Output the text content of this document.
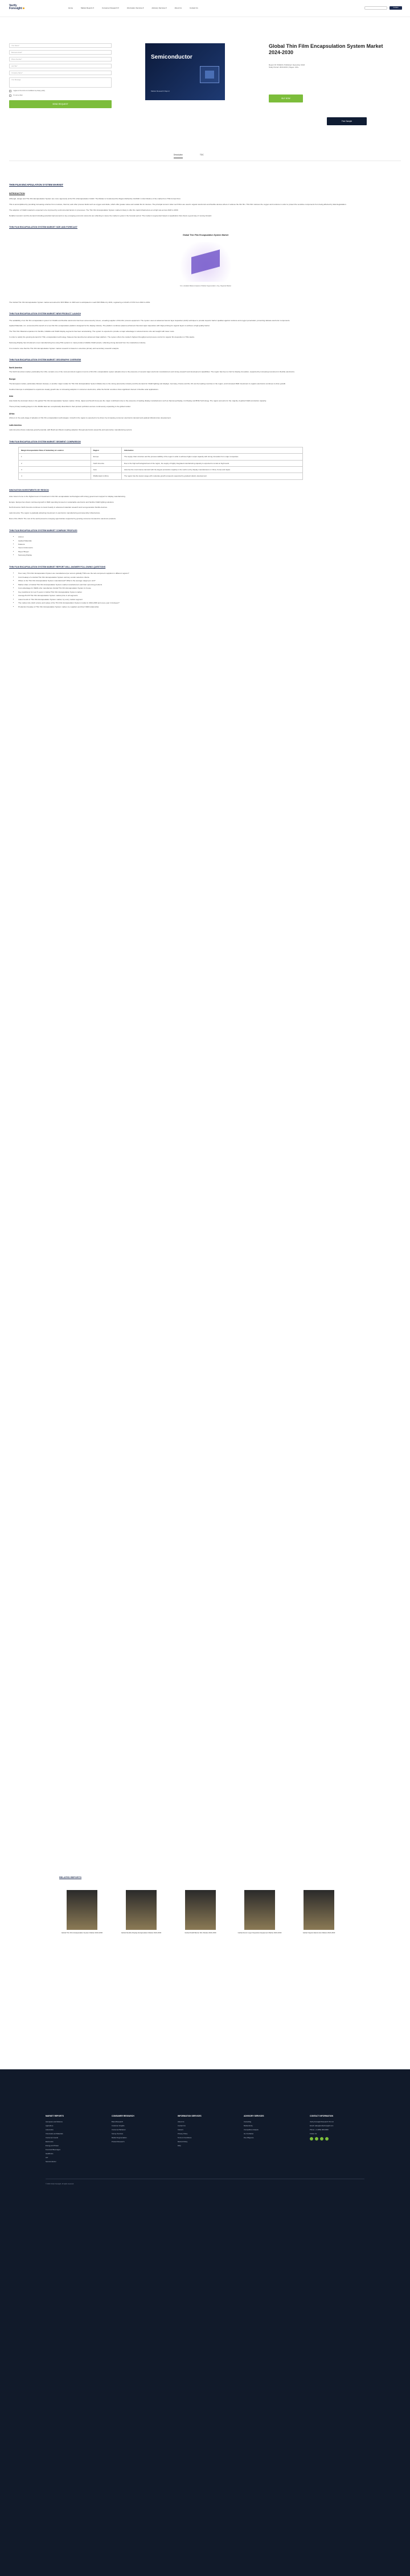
Verify
Foresight	Home	Market Reports ▾	Consumer Research ▾	Information Services ▾	Advisory Services ▾	About Us	Contact Us	Contact
Your Name*
Business Email*
Phone Number*
Job Title*
Company Name*
Your Message
I agree to the terms & conditions & privacy policy
I'm not a robot
SEND REQUEST
Semiconductor
Market Research Report
Global Thin Film Encapsulation System Market 2024-2030
Report ID: 530420 | Published: December 2024
Study Period: 2019-2031 | Pages: 210+
BUY NOW
Free Sample
Description	TOC
THIN FILM ENCAPSULATION SYSTEM MARKET
INTRODUCTION
Although, design and Thin Film Encapsulation System are more vigorously at the 5% of Encapsulation CAGR. The Market is Condensed the Region Reflective 41/2018. A short lifetime of the market from TFE formed from.
This is accomplished by providing increasing a barrier from moisture, thermal, and other process fields such as oxygen and diode, which offer greater value and sustain life for devices. The principal concern when such films are used in organic electronics and flexible devices where it reduces the thin film. This Film reduces the oxygen and moisture in order to protect the sensitive components from being affected by fatal degradation.
The adoption of OLED material is expected to be improved by environmental factors in processes. The Thin Film Encapsulation System market is likely to offer the rapid infrastructure at a high rate across 2023 to 2030.
Notable investors' and the demand including potential improvements to key emerging economic elements are reflecting to cause the market to grow in the forecast period. The market is segmented based on application that shows a good way of moving forward.
THIN FILM ENCAPSULATION SYSTEM MARKET SIZE AND FORECAST
Global Thin Film Encapsulation System Market
For a detailed Market Analysis of Market Segmentation | Key, Regional Market
The Global Thin Film Encapsulation System market accounted for $XX Billion in 2023 and is anticipated to reach $XX Billion by 2031, registering a CAGR of XX% from 2024 to 2031.
THIN FILM ENCAPSULATION SYSTEM MARKET NEW PRODUCT LAUNCH
The availability of an thin film encapsulation system for OLEDs and flexible electronics has been announced by Veeco, a leading supplier of thin-film process equipment. The system uses an advanced atomic layer deposition (ALD) technique to provide superior barrier qualities against moisture and oxygen penetration, protecting delicate electronic components.
Applied Materials, Inc. announced the launch of a new thin film encapsulation platform designed for the display industry. The platform combines plasma-enhanced chemical vapor deposition with inkjet printing for organic layers to achieve a high-quality barrier.
The Thin Film Material expansion for flexible, foldable and OLED display segments has been accelerating. The system is expected to provide a major advantage in reduced device size and weight with lower costs.
In order to satisfy the growing demand for TFE, encapsulation technology, Kateeva has launched an advanced inkjet platform. The system offers the market’s highest throughput and process control for organic film deposition in TFE stacks.
Samsung Display has introduced a new manufacturing line using TFE systems to mass-produce foldable OLED panels, reflecting strong demand from the smartphone industry.
It is crucial to note that the Thin Film Encapsulation System market research is based on extensive primary and secondary research analysis.
THIN FILM ENCAPSULATION SYSTEM MARKET GEOGRAPHY OVERVIEW
North America
The North American market, particularly the USA, remains one of the most prominent regions in terms of thin film encapsulation system adoption due to the presence of several major electronic manufacturers and strong research and development capabilities. The region has been a hub for display innovation, supported by increasing investment in flexible electronics.
Europe
The European market, particularly Western Europe, is another major market for Thin Film Encapsulation System Market due to the strong automotive industry and the demand for OLED lighting and displays. Germany, France and the UK are the leading countries in the region, and increased R&D investment in organic electronics continues to drive growth.
Southern Europe is anticipated to experience steady growth due to increasing adoption in consumer electronics, while the Nordic countries show significant interest in flexible solar applications.
Asia
Asia holds the dominant share in the global Thin Film Encapsulation System market. China, Japan and South Korea are the major contributors due to the presence of leading display manufacturers such as Samsung Display, LG Display and BOE Technology. The region accounts for the majority of global OLED production capacity.
These primary leading players in the Middle East are exceptionally diversified in their product portfolios and are continuously expanding in the global market.
Africa
Africa is in the early stage of adoption of thin film encapsulation technologies. Growth in the region is expected to be driven by increasing consumer electronics demand and gradual infrastructure development.
Latin America
Latin America shows moderate growth potential, with Brazil and Mexico leading adoption through electronics assembly and automotive manufacturing sectors.
THIN FILM ENCAPSULATION SYSTEM MARKET SEGMENT COMPARISON
Margin Encapsulation Rate of Subsidiary & Location	Region	Information
1	Europe	The supply chain structure and the process stability of the region is able to achieve higher output capacity with strong innovation from major companies.
2	North America	Due to the high technological level of the region, the supply of highly integrated manufacturing capacity is expected to remain at high levels.
3	Asia	Asia has the most intense demand with the largest production capacity in the world, led by display manufacturers in China, Korea and Japan.
4	Middle East & Africa	The region has the lowest usage with moderate growth prospects supported by gradual industry development.
INNOVATION INVESTMENTS BY REGION
Asia: Asia is home to the highest level of investment in thin film encapsulation technologies with strong government support for display manufacturing.
Europe: Europe has shown continued growth in R&D spending focused on sustainable electronics and flexible OLED lighting solutions.
North America: North America continues to invest heavily in advanced materials research and next-generation flexible devices.
Latin America: The region is gradually attracting investment in electronics manufacturing and assembly infrastructure.
Rest of the World: The rest of the world presents emerging opportunities supported by growing consumer demand for electronic products.
THIN FILM ENCAPSULATION SYSTEM MARKET COMPANY PROFILES
• Aixtron
• Applied Materials
• Kateeva
• Veeco Instruments
• Meyer Burger
• Samsung Display
THIN FILM ENCAPSULATION SYSTEM MARKET REPORT WILL ANSWER FOLLOWING QUESTIONS
• How many Thin Film Encapsulation System are manufactured per annum globally? Who are the sub-component suppliers in different regions?
• Cost breakup of a Global Thin Film Encapsulation System and key vendor selection criteria
• Where is the Thin Film Encapsulation System manufactured? What is the average margin per unit?
• Market share of Global Thin Film Encapsulation System market manufacturers and their upcoming products
• Cost advantage for OEMs who manufacture Global Thin Film Encapsulation System in-house
• Key predictions for next 5 years in Global Thin Film Encapsulation System market
• Average B-2-B Thin Film Encapsulation System market price in all segments
• Latest trends in Thin Film Encapsulation System market, by every market segment
• The market size (both volume and value) of the Thin Film Encapsulation System market in 2024-2030 and every year in between?
• Production breakup of Thin Film Encapsulation System market, by suppliers and their OEM relationship
RELATED REPORTS
Global Thin Film Encapsulation System Market 2024-2030	Global Flexible Display Encapsulation Market 2024-2030	Global OLED Barrier Film Market 2024-2030	Global Atomic Layer Deposition Equipment Market 2024-2030	Global Organic Electronics Market 2024-2030
MARKET REPORTS
Aerospace and Defence
Agriculture
Automotive
Chemicals and Materials
Consumer Goods
Electronics
Energy and Power
Food and Beverages
Healthcare
ICT
Semiconductor
CONSUMER RESEARCH
Brand Research
Customer Insights
Consumer Behavior
Survey Services
Market Segmentation
Product Research
INFORMATION SERVICES
About Us
Contact Us
Careers
Privacy Policy
Terms & Conditions
Refund Policy
FAQ
ADVISORY SERVICES
Consulting
Market Entry
Competitive Analysis
Go-To-Market
Due Diligence
CONTACT INFORMATION
Verify Foresight Research Pvt Ltd
Email: sales@verifyforesight.com
Phone: +1 (650) 000-0000
Follow Us
© 2024 Verify Foresight. All rights reserved.
